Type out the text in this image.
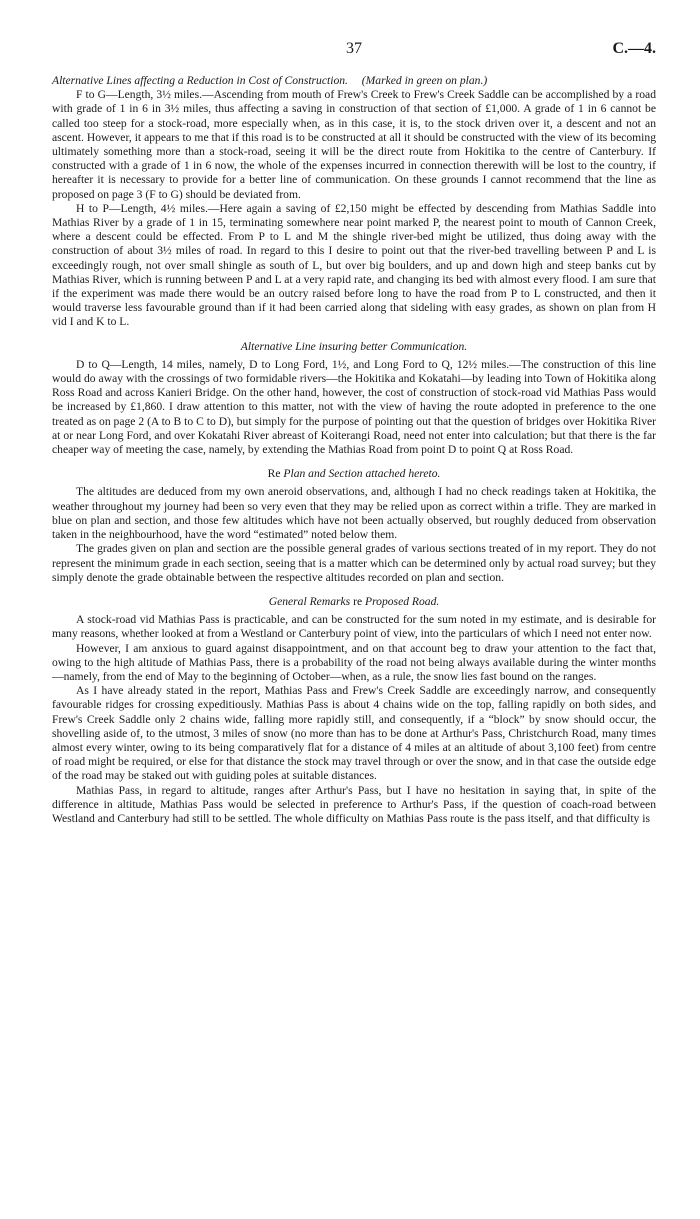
37	C.—4.
Alternative Lines affecting a Reduction in Cost of Construction. (Marked in green on plan.)

F to G—Length, 3½ miles.—Ascending from mouth of Frew's Creek to Frew's Creek Saddle can be accomplished by a road with grade of 1 in 6 in 3½ miles, thus affecting a saving in construction of that section of £1,000. A grade of 1 in 6 cannot be called too steep for a stock-road, more especially when, as in this case, it is, to the stock driven over it, a descent and not an ascent. However, it appears to me that if this road is to be constructed at all it should be constructed with the view of its becoming ultimately something more than a stock-road, seeing it will be the direct route from Hokitika to the centre of Canterbury. If constructed with a grade of 1 in 6 now, the whole of the expenses incurred in connection therewith will be lost to the country, if hereafter it is necessary to provide for a better line of communication. On these grounds I cannot recommend that the line as proposed on page 3 (F to G) should be deviated from.

H to P—Length, 4½ miles.—Here again a saving of £2,150 might be effected by descending from Mathias Saddle into Mathias River by a grade of 1 in 15, terminating somewhere near point marked P, the nearest point to mouth of Cannon Creek, where a descent could be effected. From P to L and M the shingle river-bed might be utilized, thus doing away with the construction of about 3½ miles of road. In regard to this I desire to point out that the river-bed travelling between P and L is exceedingly rough, not over small shingle as south of L, but over big boulders, and up and down high and steep banks cut by Mathias River, which is running between P and L at a very rapid rate, and changing its bed with almost every flood. I am sure that if the experiment was made there would be an outcry raised before long to have the road from P to L constructed, and then it would traverse less favourable ground than if it had been carried along that sideling with easy grades, as shown on plan from H vid I and K to L.

Alternative Line insuring better Communication.

D to Q—Length, 14 miles, namely, D to Long Ford, 1½, and Long Ford to Q, 12½ miles.—The construction of this line would do away with the crossings of two formidable rivers—the Hokitika and Kokatahi—by leading into Town of Hokitika along Ross Road and across Kanieri Bridge. On the other hand, however, the cost of construction of stock-road vid Mathias Pass would be increased by £1,860. I draw attention to this matter, not with the view of having the route adopted in preference to the one treated as on page 2 (A to B to C to D), but simply for the purpose of pointing out that the question of bridges over Hokitika River at or near Long Ford, and over Kokatahi River abreast of Koiterangi Road, need not enter into calculation; but that there is the far cheaper way of meeting the case, namely, by extending the Mathias Road from point D to point Q at Ross Road.

Re Plan and Section attached hereto.

The altitudes are deduced from my own aneroid observations, and, although I had no check readings taken at Hokitika, the weather throughout my journey had been so very even that they may be relied upon as correct within a trifle. They are marked in blue on plan and section, and those few altitudes which have not been actually observed, but roughly deduced from observation taken in the neighbourhood, have the word “estimated” noted below them.

The grades given on plan and section are the possible general grades of various sections treated of in my report. They do not represent the minimum grade in each section, seeing that is a matter which can be determined only by actual road survey; but they simply denote the grade obtainable between the respective altitudes recorded on plan and section.

General Remarks re Proposed Road.

A stock-road vid Mathias Pass is practicable, and can be constructed for the sum noted in my estimate, and is desirable for many reasons, whether looked at from a Westland or Canterbury point of view, into the particulars of which I need not enter now.

However, I am anxious to guard against disappointment, and on that account beg to draw your attention to the fact that, owing to the high altitude of Mathias Pass, there is a probability of the road not being always available during the winter months—namely, from the end of May to the beginning of October—when, as a rule, the snow lies fast bound on the ranges.

As I have already stated in the report, Mathias Pass and Frew's Creek Saddle are exceedingly narrow, and consequently favourable ridges for crossing expeditiously. Mathias Pass is about 4 chains wide on the top, falling rapidly on both sides, and Frew's Creek Saddle only 2 chains wide, falling more rapidly still, and consequently, if a “block” by snow should occur, the shovelling aside of, to the utmost, 3 miles of snow (no more than has to be done at Arthur's Pass, Christchurch Road, many times almost every winter, owing to its being comparatively flat for a distance of 4 miles at an altitude of about 3,100 feet) from centre of road might be required, or else for that distance the stock may travel through or over the snow, and in that case the outside edge of the road may be staked out with guiding poles at suitable distances.

Mathias Pass, in regard to altitude, ranges after Arthur's Pass, but I have no hesitation in saying that, in spite of the difference in altitude, Mathias Pass would be selected in preference to Arthur's Pass, if the question of coach-road between Westland and Canterbury had still to be settled. The whole difficulty on Mathias Pass route is the pass itself, and that difficulty is
